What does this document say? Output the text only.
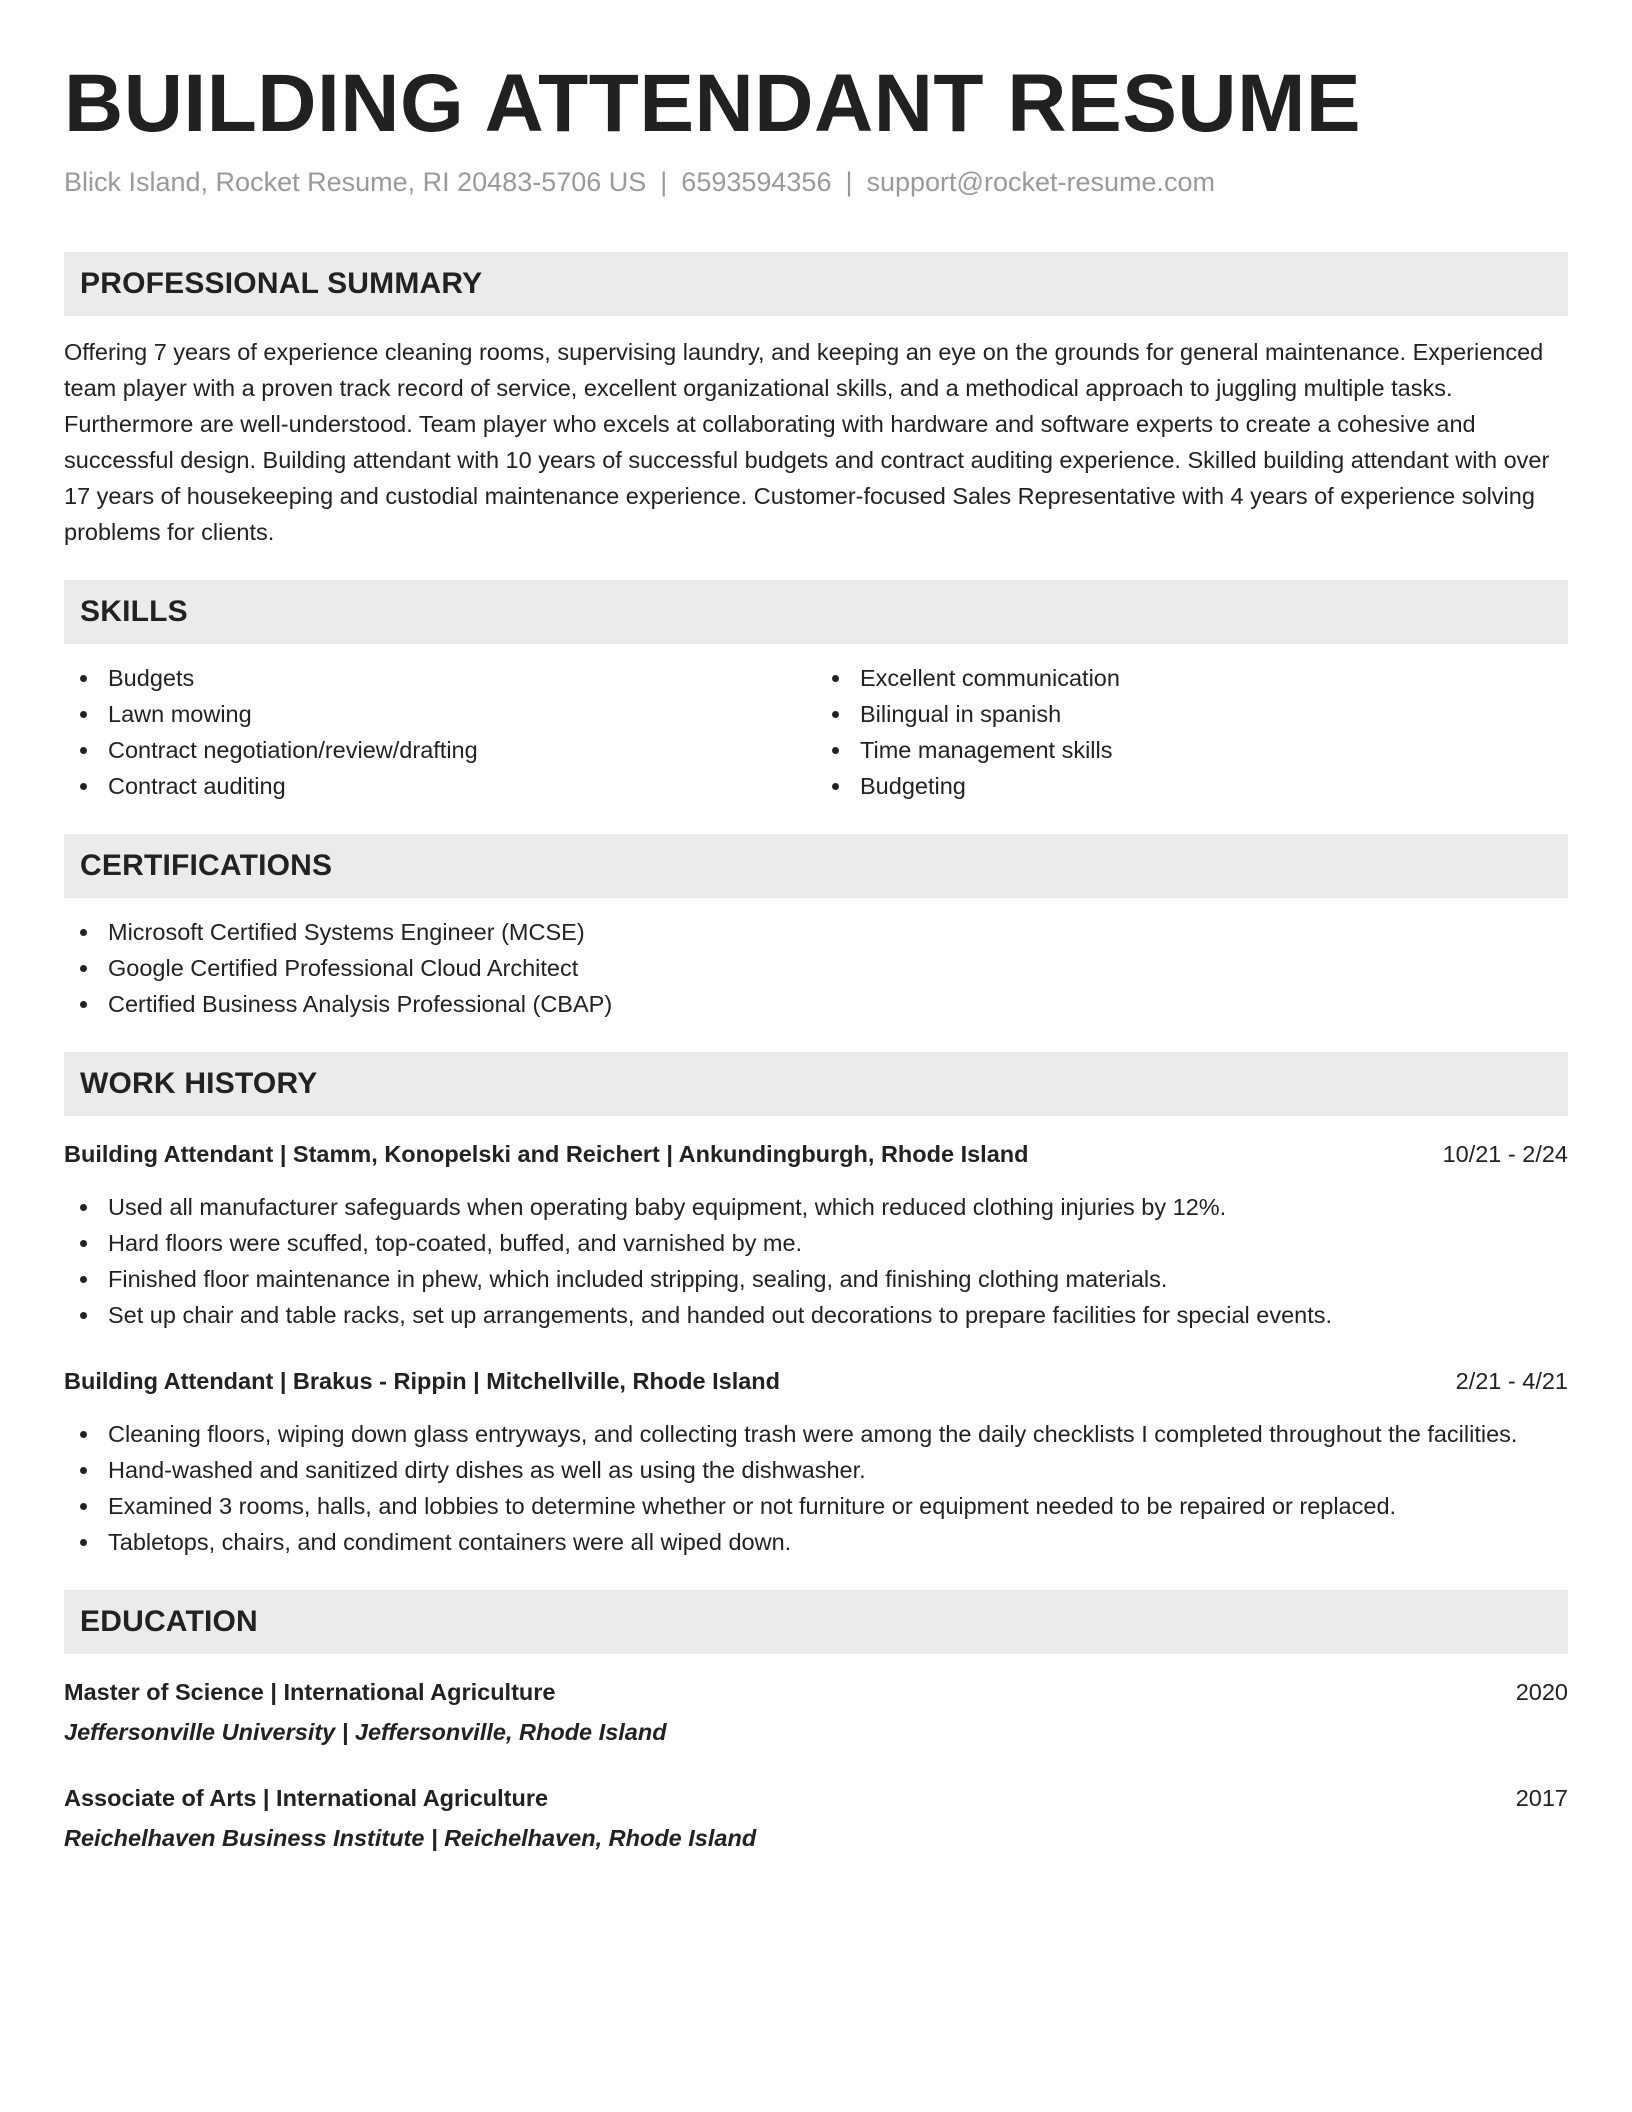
BUILDING ATTENDANT RESUME
Blick Island, Rocket Resume, RI 20483-5706 US | 6593594356 | support@rocket-resume.com
PROFESSIONAL SUMMARY

Offering 7 years of experience cleaning rooms, supervising laundry, and keeping an eye on the grounds for general maintenance. Experienced team player with a proven track record of service, excellent organizational skills, and a methodical approach to juggling multiple tasks. Furthermore are well-understood. Team player who excels at collaborating with hardware and software experts to create a cohesive and successful design. Building attendant with 10 years of successful budgets and contract auditing experience. Skilled building attendant with over 17 years of housekeeping and custodial maintenance experience. Customer-focused Sales Representative with 4 years of experience solving problems for clients.

SKILLS
Budgets
Lawn mowing
Contract negotiation/review/drafting
Contract auditing
Excellent communication
Bilingual in spanish
Time management skills
Budgeting
CERTIFICATIONS
Microsoft Certified Systems Engineer (MCSE)
Google Certified Professional Cloud Architect
Certified Business Analysis Professional (CBAP)
WORK HISTORY
Building Attendant | Stamm, Konopelski and Reichert | Ankundingburgh, Rhode Island	10/21 - 2/24
Used all manufacturer safeguards when operating baby equipment, which reduced clothing injuries by 12%.
Hard floors were scuffed, top-coated, buffed, and varnished by me.
Finished floor maintenance in phew, which included stripping, sealing, and finishing clothing materials.
Set up chair and table racks, set up arrangements, and handed out decorations to prepare facilities for special events.
Building Attendant | Brakus - Rippin | Mitchellville, Rhode Island	2/21 - 4/21
Cleaning floors, wiping down glass entryways, and collecting trash were among the daily checklists I completed throughout the facilities.
Hand-washed and sanitized dirty dishes as well as using the dishwasher.
Examined 3 rooms, halls, and lobbies to determine whether or not furniture or equipment needed to be repaired or replaced.
Tabletops, chairs, and condiment containers were all wiped down.
EDUCATION
Master of Science | International Agriculture	2020
Jeffersonville University | Jeffersonville, Rhode Island
Associate of Arts | International Agriculture	2017
Reichelhaven Business Institute | Reichelhaven, Rhode Island
